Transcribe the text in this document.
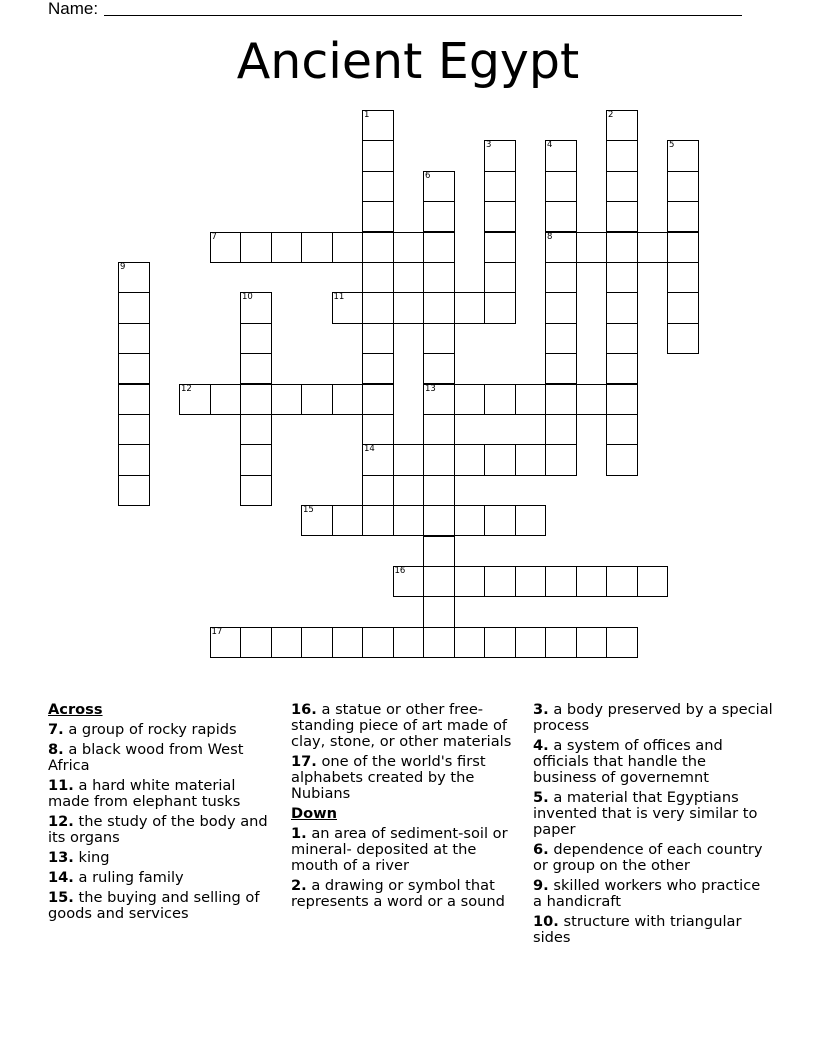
Name:
Ancient Egypt
1
14
2
3	4
8
5
6
13
7
9
10	11
12
15
16
17
Across
7. a group of rocky rapids
8. a black wood from West Africa
11. a hard white material made from elephant tusks
12. the study of the body and its organs
13. king
14. a ruling family
15. the buying and selling of goods and services
16. a statue or other free-standing piece of art made of clay, stone, or other materials
17. one of the world's first alphabets created by the Nubians
Down
1. an area of sediment-soil or mineral- deposited at the mouth of a river
2. a drawing or symbol that represents a word or a sound
3. a body preserved by a special process
4. a system of offices and officials that handle the business of governemnt
5. a material that Egyptians invented that is very similar to paper
6. dependence of each country or group on the other
9. skilled workers who practice a handicraft
10. structure with triangular sides
